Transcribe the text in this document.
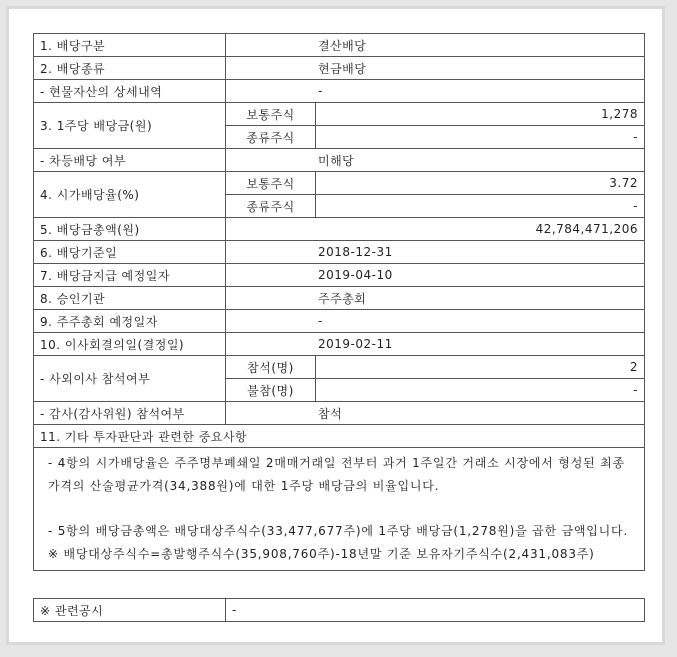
1. 배당구분	결산배당	
2. 배당종류	현금배당	
- 현물자산의 상세내역	-	
3. 1주당 배당금(원)	보통주식	1,278
	종류주식	-
- 차등배당 여부	미해당	
4. 시가배당율(%)	보통주식	3.72
	종류주식	-
5. 배당금총액(원)	42,784,471,206	
6. 배당기준일	2018-12-31	
7. 배당금지급 예정일자	2019-04-10	
8. 승인기관	주주총회	
9. 주주총회 예정일자	-	
10. 이사회결의일(결정일)	2019-02-11	
- 사외이사 참석여부	참석(명)	2
	불참(명)	-
- 감사(감사위원) 참석여부	참석	
11. 기타 투자판단과 관련한 중요사항		

- 4항의 시가배당율은 주주명부폐쇄일 2매매거래일 전부터 과거 1주일간 거래소 시장에서 형성된 최종가격의 산술평균가격(34,388원)에 대한 1주당 배당금의 비율입니다.

- 5항의 배당금총액은 배당대상주식수(33,477,677주)에 1주당 배당금(1,278원)을 곱한 금액입니다.

※ 배당대상주식수=총발행주식수(35,908,760주)-18년말 기준 보유자기주식수(2,431,083주)		

※ 관련공시	-
